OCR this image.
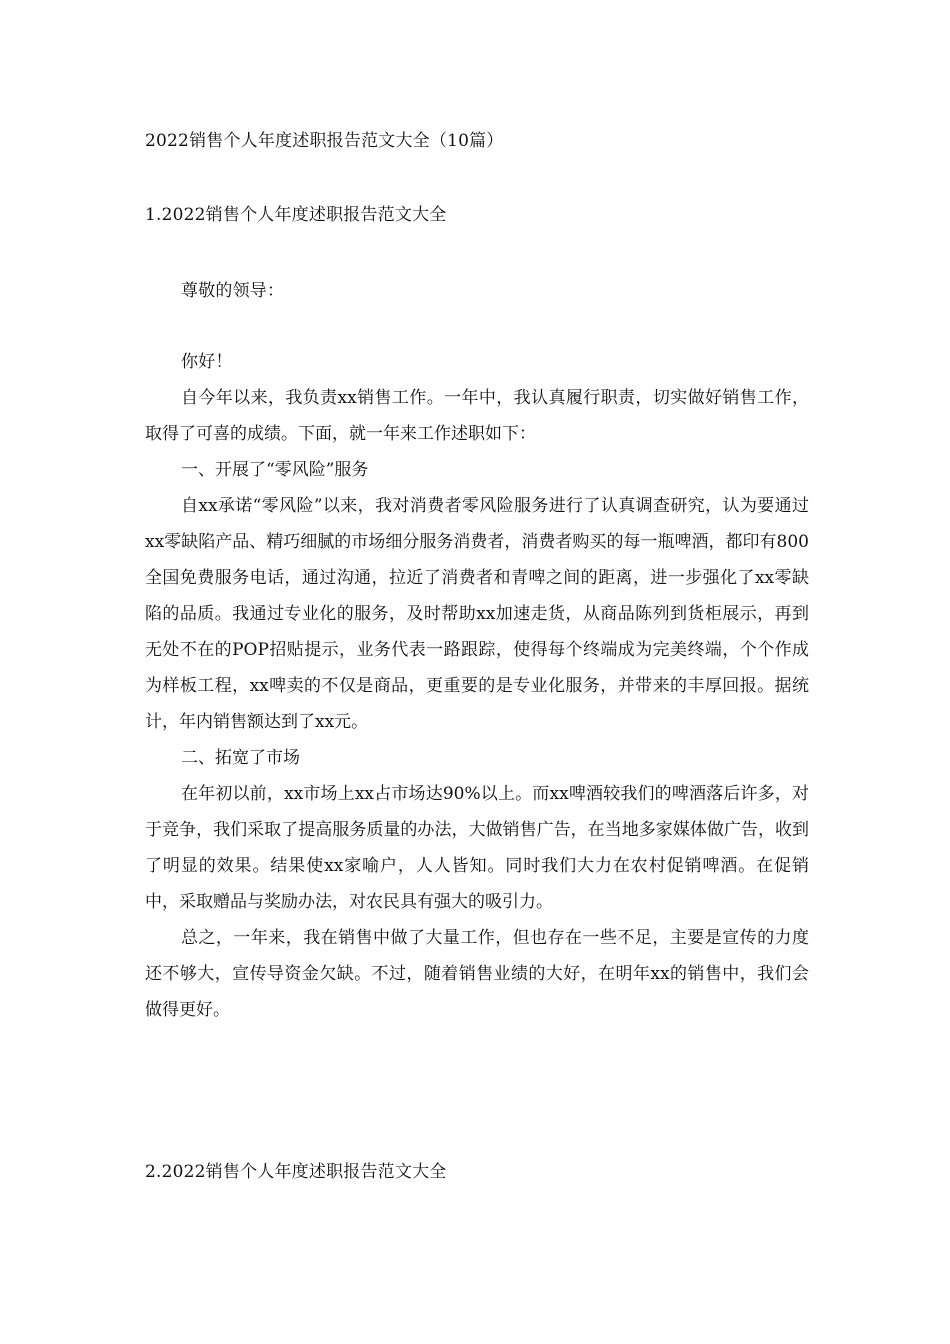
2022销售个人年度述职报告范文大全（10篇）

1.2022销售个人年度述职报告范文大全

尊敬的领导：

你好！

自今年以来，我负责xx销售工作。一年中，我认真履行职责，切实做好销售工作，取得了可喜的成绩。下面，就一年来工作述职如下：

一、开展了“零风险”服务

自xx承诺“零风险”以来，我对消费者零风险服务进行了认真调查研究，认为要通过xx零缺陷产品、精巧细腻的市场细分服务消费者，消费者购买的每一瓶啤酒，都印有800全国免费服务电话，通过沟通，拉近了消费者和青啤之间的距离，进一步强化了xx零缺陷的品质。我通过专业化的服务，及时帮助xx加速走货，从商品陈列到货柜展示，再到无处不在的POP招贴提示，业务代表一路跟踪，使得每个终端成为完美终端，个个作成为样板工程，xx啤卖的不仅是商品，更重要的是专业化服务，并带来的丰厚回报。据统计，年内销售额达到了xx元。

二、拓宽了市场

在年初以前，xx市场上xx占市场达90%以上。而xx啤酒较我们的啤酒落后许多，对于竞争，我们采取了提高服务质量的办法，大做销售广告，在当地多家媒体做广告，收到了明显的效果。结果使xx家喻户，人人皆知。同时我们大力在农村促销啤酒。在促销中，采取赠品与奖励办法，对农民具有强大的吸引力。

总之，一年来，我在销售中做了大量工作，但也存在一些不足，主要是宣传的力度还不够大，宣传导资金欠缺。不过，随着销售业绩的大好，在明年xx的销售中，我们会做得更好。

2.2022销售个人年度述职报告范文大全
